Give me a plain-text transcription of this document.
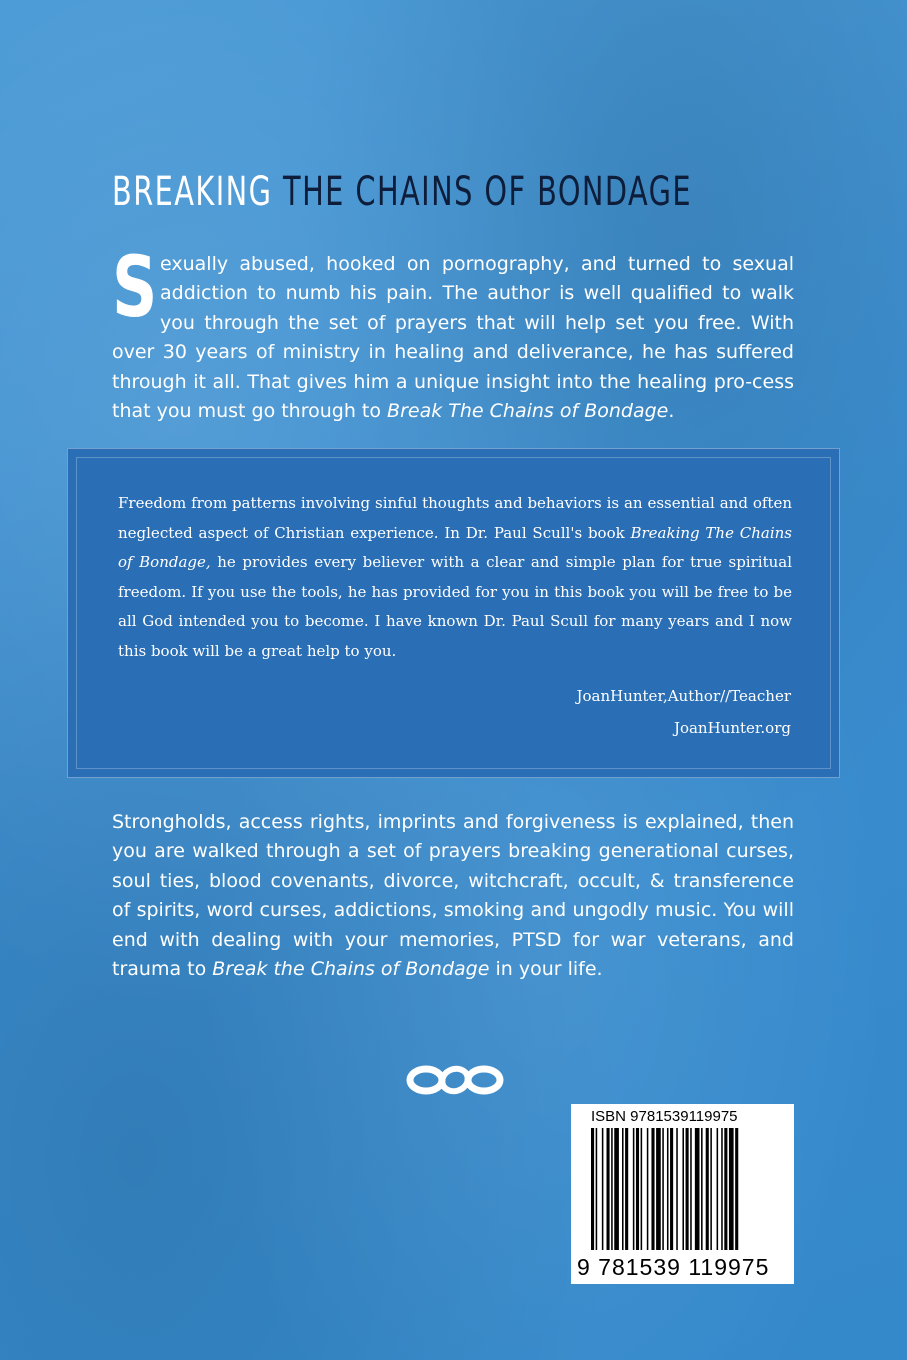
BREAKING THE CHAINS OF BONDAGE
Sexually abused, hooked on pornography, and turned to sexual addiction to numb his pain. The author is well qualified to walk you through the set of prayers that will help set you free. With over 30 years of ministry in healing and deliverance, he has suffered through it all. That gives him a unique insight into the healing pro-cess that you must go through to Break The Chains of Bondage.
Freedom from patterns involving sinful thoughts and behaviors is an essential and often neglected aspect of Christian experience. In Dr. Paul Scull's book Breaking The Chains of Bondage, he provides every believer with a clear and simple plan for true spiritual freedom. If you use the tools, he has provided for you in this book you will be free to be all God intended you to become. I have known Dr. Paul Scull for many years and I now this book will be a great help to you.
JoanHunter,Author//Teacher
JoanHunter.org
Strongholds, access rights, imprints and forgiveness is explained, then you are walked through a set of prayers breaking generational curses, soul ties, blood covenants, divorce, witchcraft, occult, & transference of spirits, word curses, addictions, smoking and ungodly music. You will end with dealing with your memories, PTSD for war veterans, and trauma to Break the Chains of Bondage in your life.
ISBN 9781539119975
9 781539 119975
